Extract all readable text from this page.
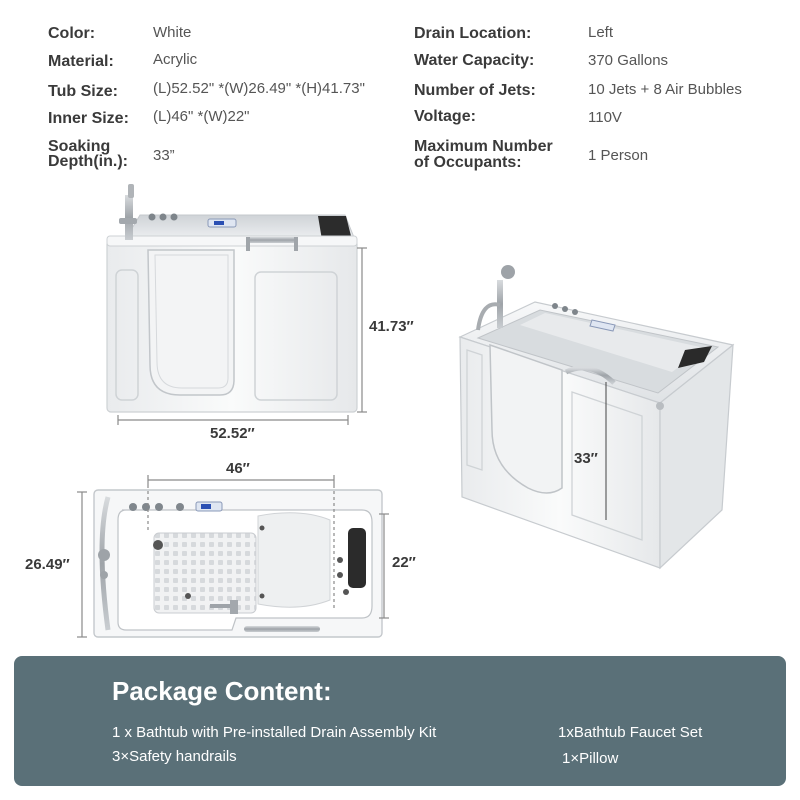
Color:	White
Material:	Acrylic
Tub Size: (L)52.52" *(W)26.49" *(H)41.73"
Inner Size: (L)46" *(W)22"
Soaking
Depth(in.): 33”
Drain Location:	Left
Water Capacity:	370 Gallons
Number of Jets:	10 Jets + 8 Air Bubbles
Voltage:	110V
Maximum Number
of Occupants:	1 Person
41.73″
52.52″
33″
46″
26.49″	22″
Package Content:
1 x Bathtub with Pre-installed Drain Assembly Kit	1xBathtub Faucet Set
3×Safety handrails	1×Pillow
